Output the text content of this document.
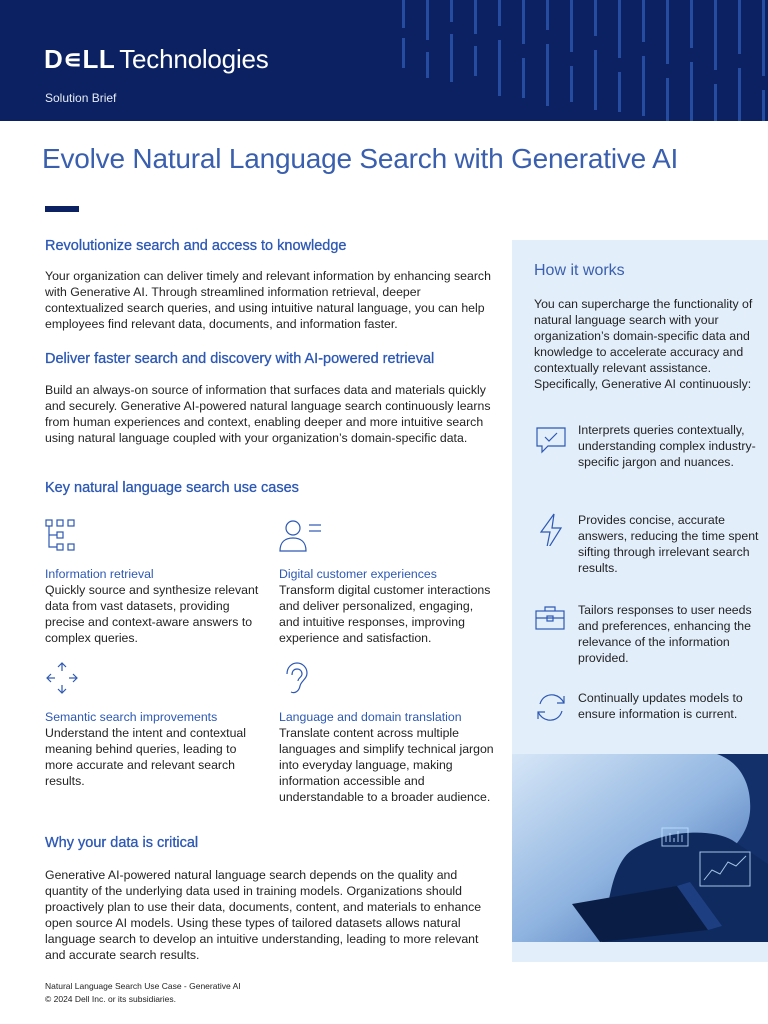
D∊LL Technologies
Solution Brief
Evolve Natural Language Search with Generative AI
Revolutionize search and access to knowledge

Your organization can deliver timely and relevant information by enhancing search with Generative AI. Through streamlined information retrieval, deeper contextualized search queries, and using intuitive natural language, you can help employees find relevant data, documents, and information faster.

Deliver faster search and discovery with AI-powered retrieval

Build an always-on source of information that surfaces data and materials quickly and securely. Generative AI-powered natural language search continuously learns from human experiences and context, enabling deeper and more intuitive search using natural language coupled with your organization’s domain-specific data.

Key natural language search use cases
Information retrieval
Quickly source and synthesize relevant data from vast datasets, providing precise and context-aware answers to complex queries.
Digital customer experiences
Transform digital customer interactions and deliver personalized, engaging, and intuitive responses, improving experience and satisfaction.
Semantic search improvements
Understand the intent and contextual meaning behind queries, leading to more accurate and relevant search results.
Language and domain translation
Translate content across multiple languages and simplify technical jargon into everyday language, making information accessible and understandable to a broader audience.
Why your data is critical

Generative AI-powered natural language search depends on the quality and quantity of the underlying data used in training models. Organizations should proactively plan to use their data, documents, content, and materials to enhance open source AI models. Using these types of tailored datasets allows natural language search to develop an intuitive understanding, leading to more relevant and accurate search results.

How it works
You can supercharge the functionality of natural language search with your organization’s domain-specific data and knowledge to accelerate accuracy and contextually relevant assistance. Specifically, Generative AI continuously:
Interprets queries contextually, understanding complex industry-specific jargon and nuances.
Provides concise, accurate answers, reducing the time spent sifting through irrelevant search results.
Tailors responses to user needs and preferences, enhancing the relevance of the information provided.
Continually updates models to ensure information is current.
Natural Language Search Use Case - Generative AI
© 2024 Dell Inc. or its subsidiaries.
